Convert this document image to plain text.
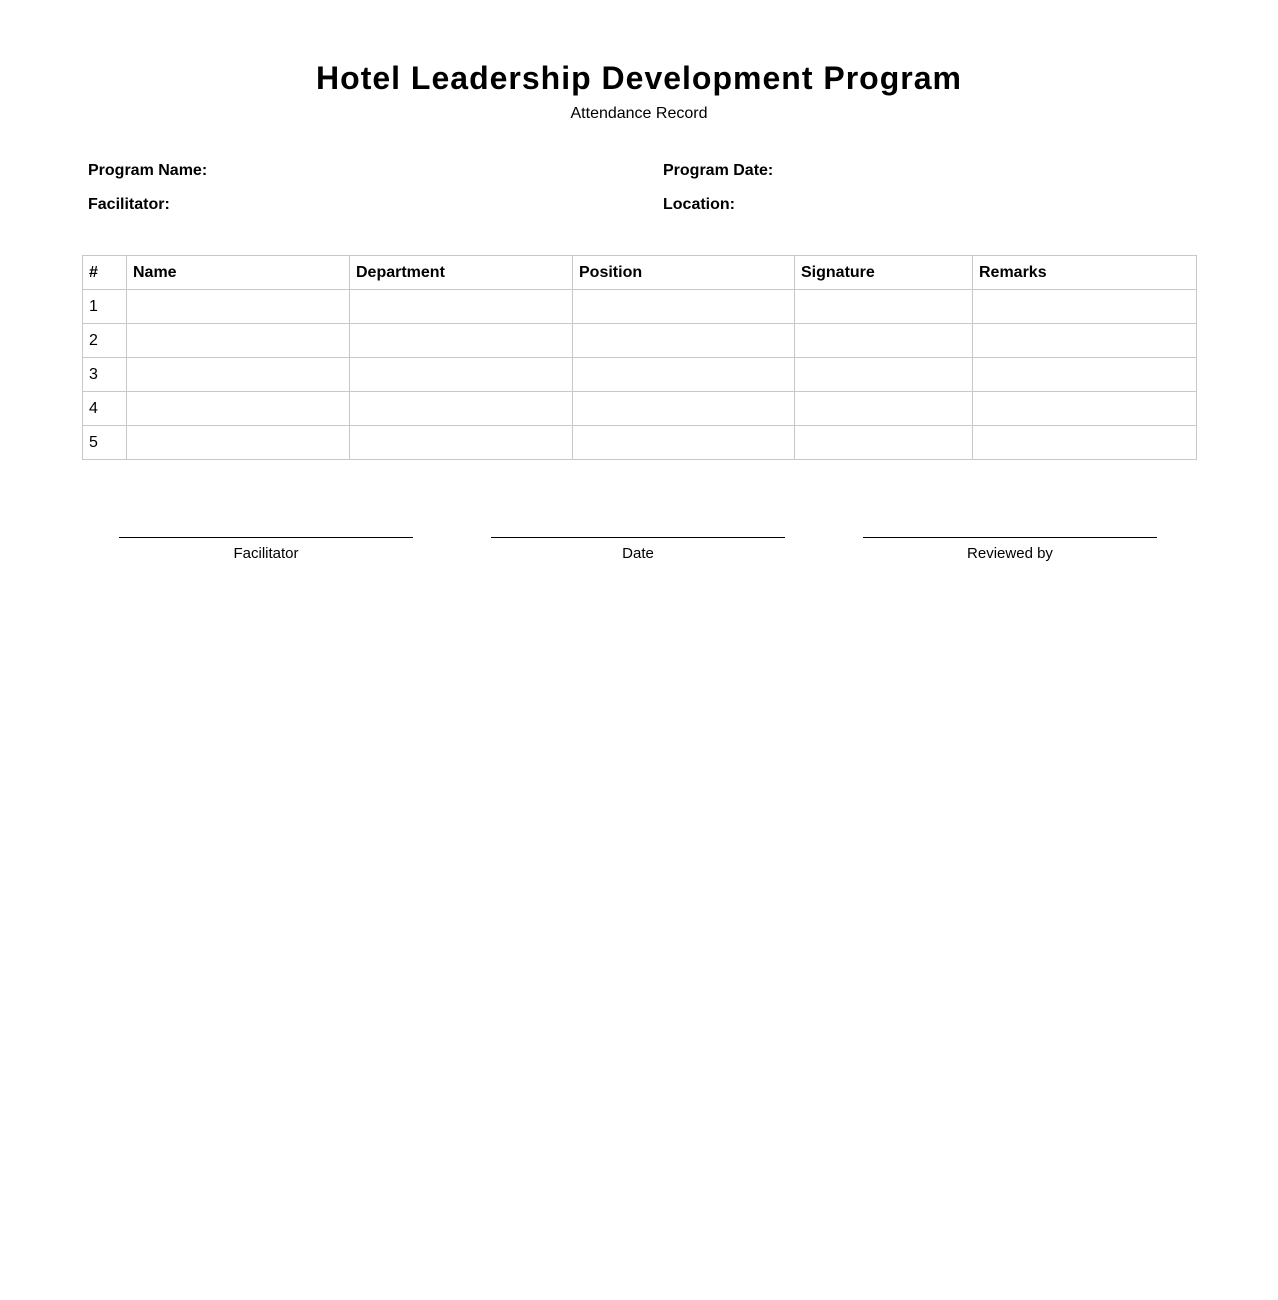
Hotel Leadership Development Program
Attendance Record
Program Name:	Program Date:
Facilitator:	Location:
#	Name	Department	Position	Signature	Remarks
1					
2					
3					
4					
5					
Facilitator	Date	Reviewed by
